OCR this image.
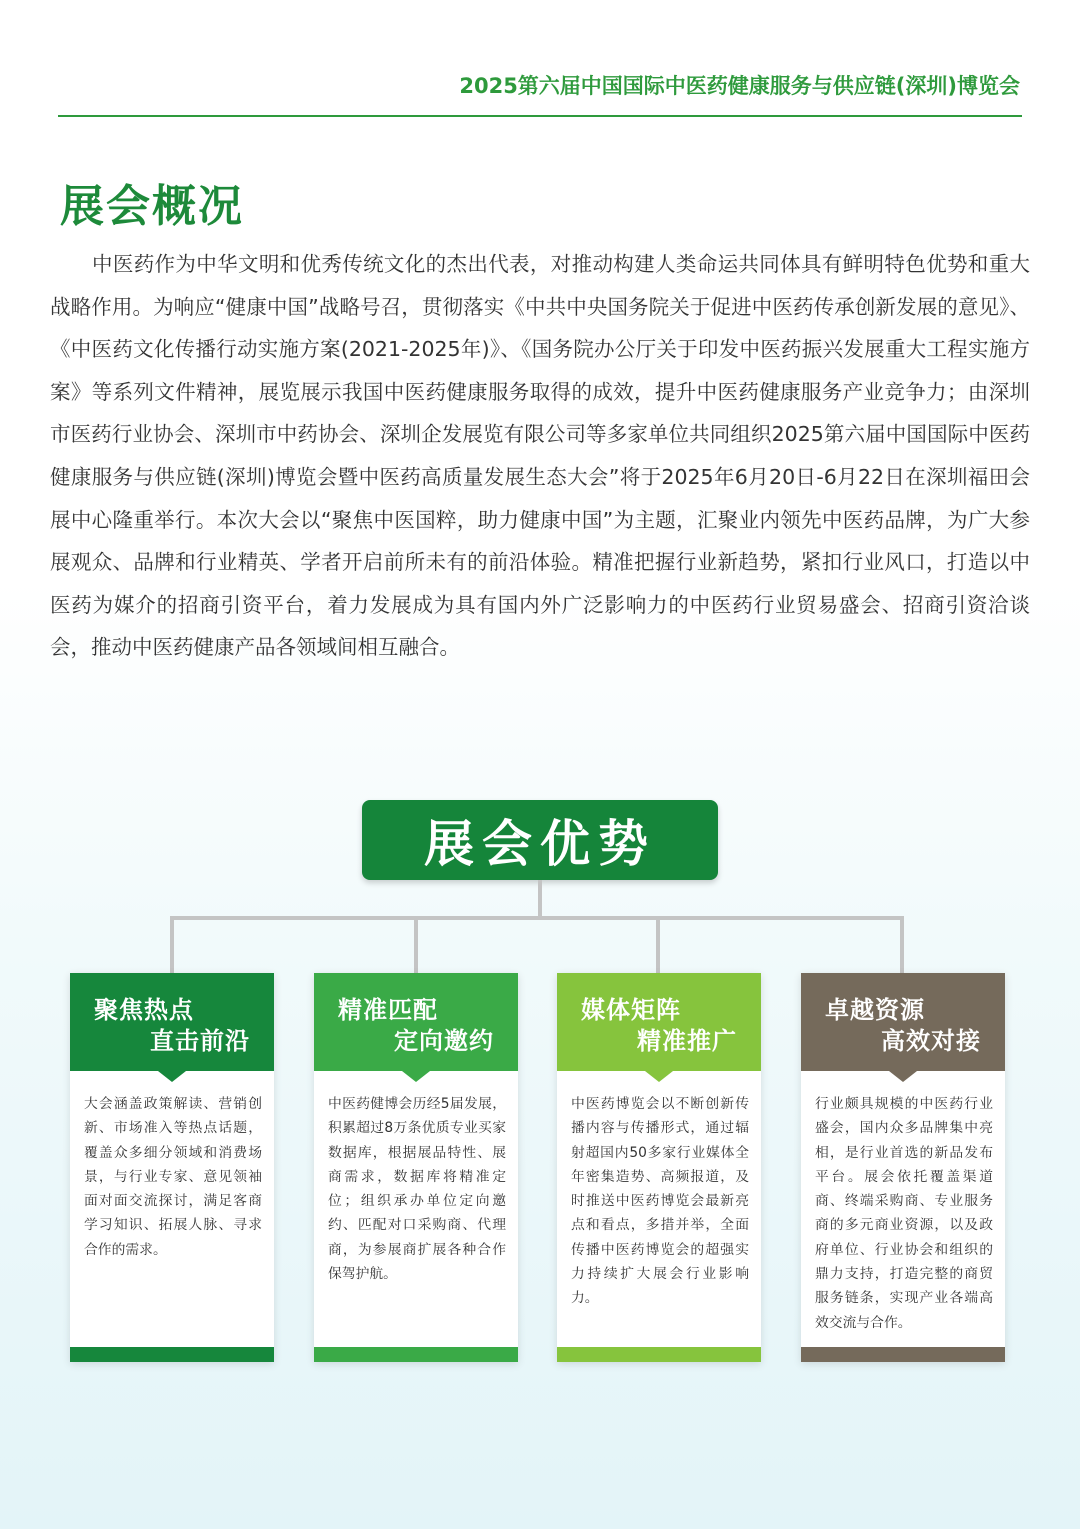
2025第六届中国国际中医药健康服务与供应链(深圳)博览会
展会概况

中医药作为中华文明和优秀传统文化的杰出代表，对推动构建人类命运共同体具有鲜明特色优势和重大战略作用。为响应“健康中国”战略号召，贯彻落实《中共中央国务院关于促进中医药传承创新发展的意见》、《中医药文化传播行动实施方案(2021-2025年)》、《国务院办公厅关于印发中医药振兴发展重大工程实施方案》等系列文件精神，展览展示我国中医药健康服务取得的成效，提升中医药健康服务产业竞争力；由深圳市医药行业协会、深圳市中药协会、深圳企发展览有限公司等多家单位共同组织2025第六届中国国际中医药健康服务与供应链(深圳)博览会暨中医药高质量发展生态大会”将于2025年6月20日-6月22日在深圳福田会展中心隆重举行。本次大会以“聚焦中医国粹，助力健康中国”为主题，汇聚业内领先中医药品牌，为广大参展观众、品牌和行业精英、学者开启前所未有的前沿体验。精准把握行业新趋势，紧扣行业风口，打造以中医药为媒介的招商引资平台，着力发展成为具有国内外广泛影响力的中医药行业贸易盛会、招商引资洽谈会，推动中医药健康产品各领域间相互融合。

展会优势
聚焦热点
直击前沿

大会涵盖政策解读、营销创新、市场准入等热点话题，覆盖众多细分领域和消费场景，与行业专家、意见领袖面对面交流探讨，满足客商学习知识、拓展人脉、寻求合作的需求。

精准匹配
定向邀约

中医药健博会历经5届发展，积累超过8万条优质专业买家数据库，根据展品特性、展商需求，数据库将精准定位；组织承办单位定向邀约、匹配对口采购商、代理商，为参展商扩展各种合作保驾护航。

媒体矩阵
精准推广

中医药博览会以不断创新传播内容与传播形式，通过辐射超国内50多家行业媒体全年密集造势、高频报道，及时推送中医药博览会最新亮点和看点，多措并举，全面传播中医药博览会的超强实力持续扩大展会行业影响力。

卓越资源
高效对接

行业颇具规模的中医药行业盛会，国内众多品牌集中亮相，是行业首选的新品发布平台。展会依托覆盖渠道商、终端采购商、专业服务商的多元商业资源，以及政府单位、行业协会和组织的鼎力支持，打造完整的商贸服务链条，实现产业各端高效交流与合作。
